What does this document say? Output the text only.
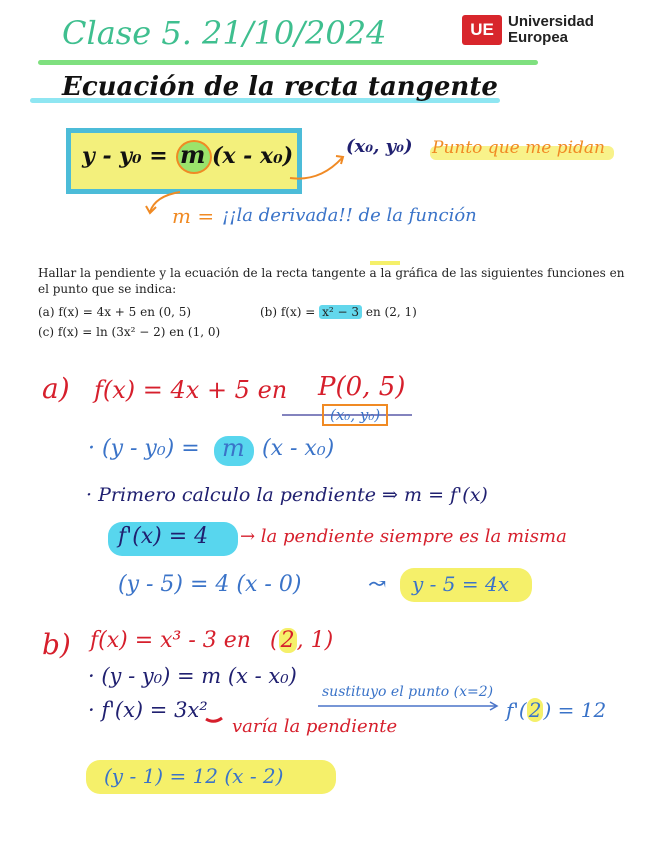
Clase 5. 21/10/2024	UE Universidad
Europea
Ecuación de la recta tangente
y - y₀ = m (x - x₀)	(x₀, y₀) Punto que me pidan
m = ¡¡la derivada!! de la función
Hallar la pendiente y la ecuación de la recta tangente a la gráfica de las siguientes funciones en
el punto que se indica:
(a) f(x) = 4x + 5 en (0, 5)	(b) f(x) = x² − 3 en (2, 1)
(c) f(x) = ln (3x² − 2) en (1, 0)
a) f(x) = 4x + 5 en P(0, 5)
(x₀, y₀)
· (y - y₀) = m (x - x₀)
· Primero calculo la pendiente ⇒ m = f'(x)
f'(x) = 4 → la pendiente siempre es la misma
(y - 5) = 4 (x - 0)	↝ y - 5 = 4x
b) f(x) = x³ - 3 en (2, 1)
· (y - y₀) = m (x - x₀)
· f'(x) = 3x²
varía la pendiente
sustituyo el punto (x=2)
f'( 2 ) = 12
(y - 1) = 12 (x - 2)
